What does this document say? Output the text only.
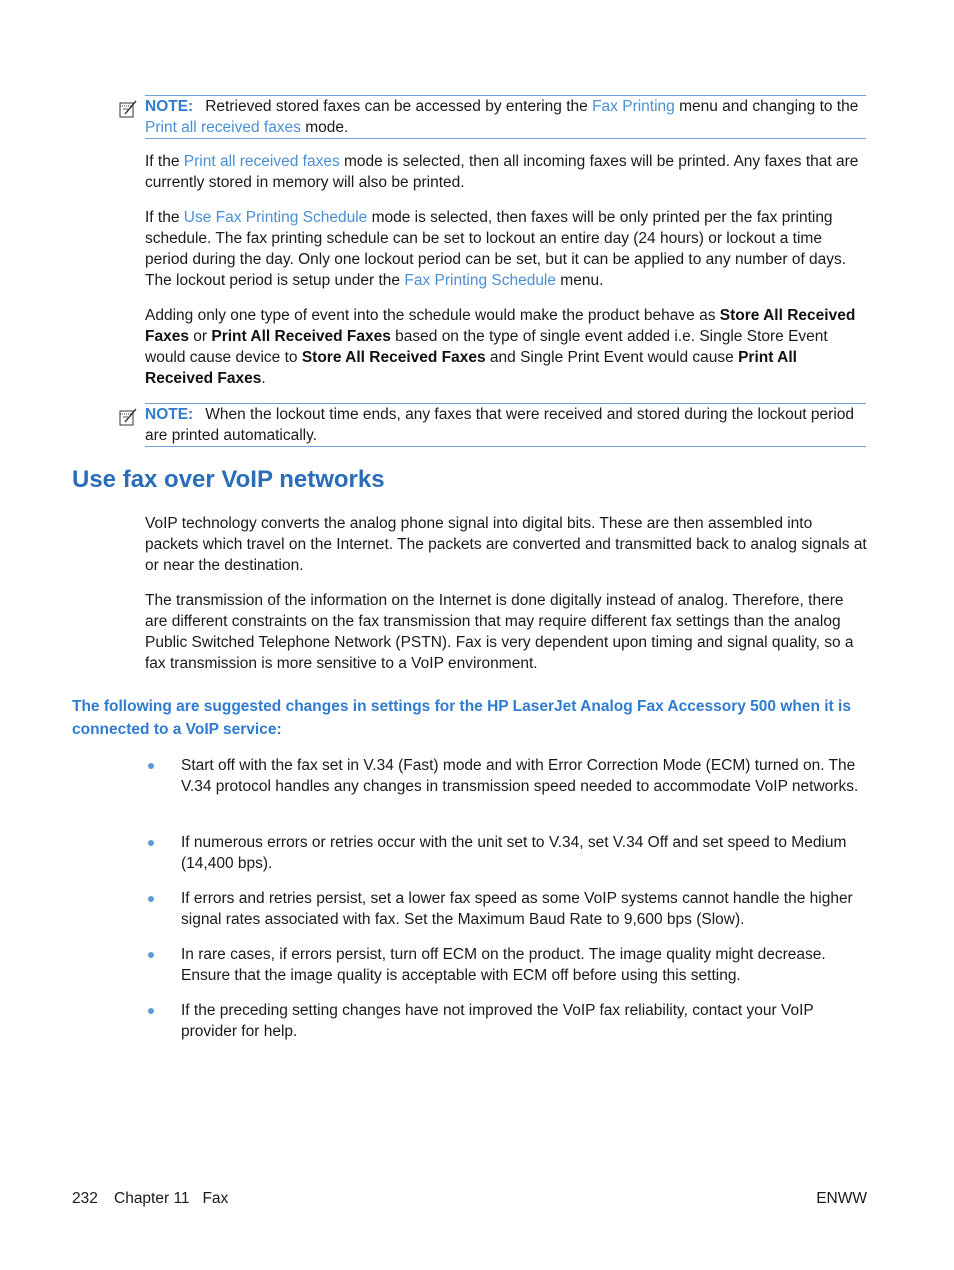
NOTE: Retrieved stored faxes can be accessed by entering the Fax Printing menu and changing to the Print all received faxes mode.

If the Print all received faxes mode is selected, then all incoming faxes will be printed. Any faxes that are currently stored in memory will also be printed.

If the Use Fax Printing Schedule mode is selected, then faxes will be only printed per the fax printing schedule. The fax printing schedule can be set to lockout an entire day (24 hours) or lockout a time period during the day. Only one lockout period can be set, but it can be applied to any number of days. The lockout period is setup under the Fax Printing Schedule menu.

Adding only one type of event into the schedule would make the product behave as Store All Received Faxes or Print All Received Faxes based on the type of single event added i.e. Single Store Event would cause device to Store All Received Faxes and Single Print Event would cause Print All Received Faxes.

NOTE: When the lockout time ends, any faxes that were received and stored during the lockout period are printed automatically.
Use fax over VoIP networks

VoIP technology converts the analog phone signal into digital bits. These are then assembled into packets which travel on the Internet. The packets are converted and transmitted back to analog signals at or near the destination.

The transmission of the information on the Internet is done digitally instead of analog. Therefore, there are different constraints on the fax transmission that may require different fax settings than the analog Public Switched Telephone Network (PSTN). Fax is very dependent upon timing and signal quality, so a fax transmission is more sensitive to a VoIP environment.

The following are suggested changes in settings for the HP LaserJet Analog Fax Accessory 500 when it is connected to a VoIP service:
Start off with the fax set in V.34 (Fast) mode and with Error Correction Mode (ECM) turned on. The V.34 protocol handles any changes in transmission speed needed to accommodate VoIP networks.
If numerous errors or retries occur with the unit set to V.34, set V.34 Off and set speed to Medium (14,400 bps).
If errors and retries persist, set a lower fax speed as some VoIP systems cannot handle the higher signal rates associated with fax. Set the Maximum Baud Rate to 9,600 bps (Slow).
In rare cases, if errors persist, turn off ECM on the product. The image quality might decrease. Ensure that the image quality is acceptable with ECM off before using this setting.
If the preceding setting changes have not improved the VoIP fax reliability, contact your VoIP provider for help.
232 Chapter 11   Fax	ENWW
